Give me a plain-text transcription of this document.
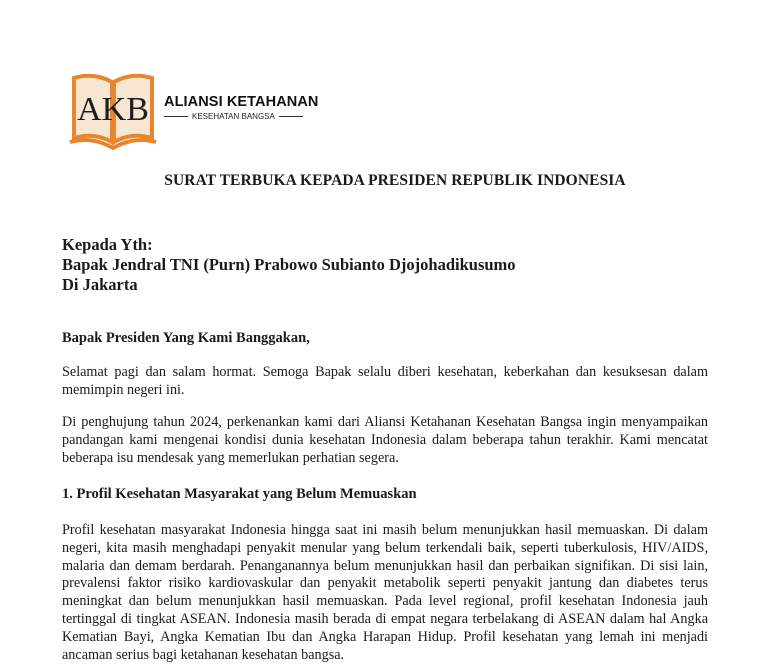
AKB ALIANSI KETAHANAN
KESEHATAN BANGSA
SURAT TERBUKA KEPADA PRESIDEN REPUBLIK INDONESIA
Kepada Yth:
Bapak Jendral TNI (Purn) Prabowo Subianto Djojohadikusumo
Di Jakarta
Bapak Presiden Yang Kami Banggakan,
Selamat pagi dan salam hormat. Semoga Bapak selalu diberi kesehatan, keberkahan dan kesuksesan dalam memimpin negeri ini.
Di penghujung tahun 2024, perkenankan kami dari Aliansi Ketahanan Kesehatan Bangsa ingin menyampaikan pandangan kami mengenai kondisi dunia kesehatan Indonesia dalam beberapa tahun terakhir. Kami mencatat beberapa isu mendesak yang memerlukan perhatian segera.
1. Profil Kesehatan Masyarakat yang Belum Memuaskan
Profil kesehatan masyarakat Indonesia hingga saat ini masih belum menunjukkan hasil memuaskan. Di dalam negeri, kita masih menghadapi penyakit menular yang belum terkendali baik, seperti tuberkulosis, HIV/AIDS, malaria dan demam berdarah. Penanganannya belum menunjukkan hasil dan perbaikan signifikan. Di sisi lain, prevalensi faktor risiko kardiovaskular dan penyakit metabolik seperti penyakit jantung dan diabetes terus meningkat dan belum menunjukkan hasil memuaskan. Pada level regional, profil kesehatan Indonesia jauh tertinggal di tingkat ASEAN. Indonesia masih berada di empat negara terbelakang di ASEAN dalam hal Angka Kematian Bayi, Angka Kematian Ibu dan Angka Harapan Hidup. Profil kesehatan yang lemah ini menjadi ancaman serius bagi ketahanan kesehatan bangsa.
